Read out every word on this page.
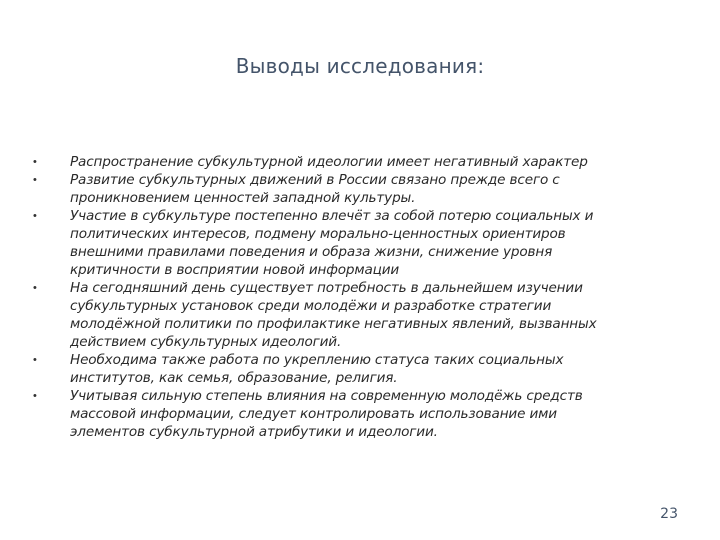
Выводы исследования:
•	Распространение субкультурной идеологии имеет негативный характер
•	Развитие субкультурных движений в России связано прежде всего с
проникновением ценностей западной культуры.
•	Участие в субкультуре постепенно влечёт за собой потерю социальных и
политических интересов, подмену морально-ценностных ориентиров
внешними правилами поведения и образа жизни, снижение уровня
критичности в восприятии новой информации
•	На сегодняшний день существует потребность в дальнейшем изучении
субкультурных установок среди молодёжи и разработке стратегии
молодёжной политики по профилактике негативных явлений, вызванных
действием субкультурных идеологий.
•	Необходима также работа по укреплению статуса таких социальных
институтов, как семья, образование, религия.
•	Учитывая сильную степень влияния на современную молодёжь средств
массовой информации, следует контролировать использование ими
элементов субкультурной атрибутики и идеологии.
23
